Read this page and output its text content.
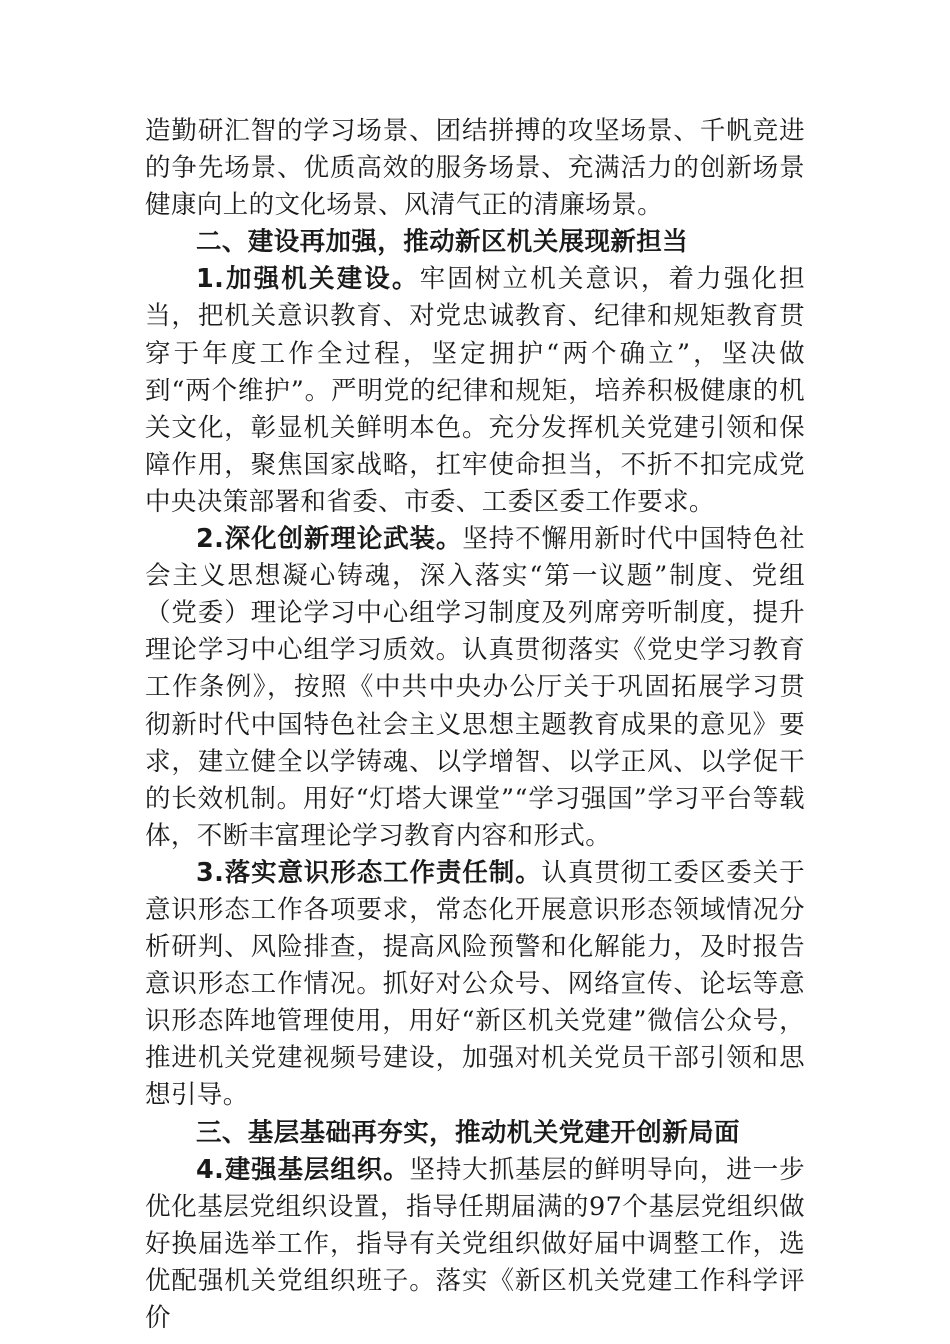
造勤研汇智的学习场景、团结拼搏的攻坚场景、千帆竞进的争先场景、优质高效的服务场景、充满活力的创新场景健康向上的文化场景、风清气正的清廉场景。

二、建设再加强，推动新区机关展现新担当

1.加强机关建设。牢固树立机关意识，着力强化担当，把机关意识教育、对党忠诚教育、纪律和规矩教育贯穿于年度工作全过程，坚定拥护“两个确立”，坚决做到“两个维护”。严明党的纪律和规矩，培养积极健康的机关文化，彰显机关鲜明本色。充分发挥机关党建引领和保障作用，聚焦国家战略，扛牢使命担当，不折不扣完成党中央决策部署和省委、市委、工委区委工作要求。

2.深化创新理论武装。坚持不懈用新时代中国特色社会主义思想凝心铸魂，深入落实“第一议题”制度、党组（党委）理论学习中心组学习制度及列席旁听制度，提升理论学习中心组学习质效。认真贯彻落实《党史学习教育工作条例》，按照《中共中央办公厅关于巩固拓展学习贯彻新时代中国特色社会主义思想主题教育成果的意见》要求，建立健全以学铸魂、以学增智、以学正风、以学促干的长效机制。用好“灯塔大课堂”“学习强国”学习平台等载体，不断丰富理论学习教育内容和形式。

3.落实意识形态工作责任制。认真贯彻工委区委关于意识形态工作各项要求，常态化开展意识形态领域情况分析研判、风险排查，提高风险预警和化解能力，及时报告意识形态工作情况。抓好对公众号、网络宣传、论坛等意识形态阵地管理使用，用好“新区机关党建”微信公众号，推进机关党建视频号建设，加强对机关党员干部引领和思想引导。

三、基层基础再夯实，推动机关党建开创新局面

4.建强基层组织。坚持大抓基层的鲜明导向，进一步优化基层党组织设置，指导任期届满的97个基层党组织做好换届选举工作，指导有关党组织做好届中调整工作，选优配强机关党组织班子。落实《新区机关党建工作科学评价
